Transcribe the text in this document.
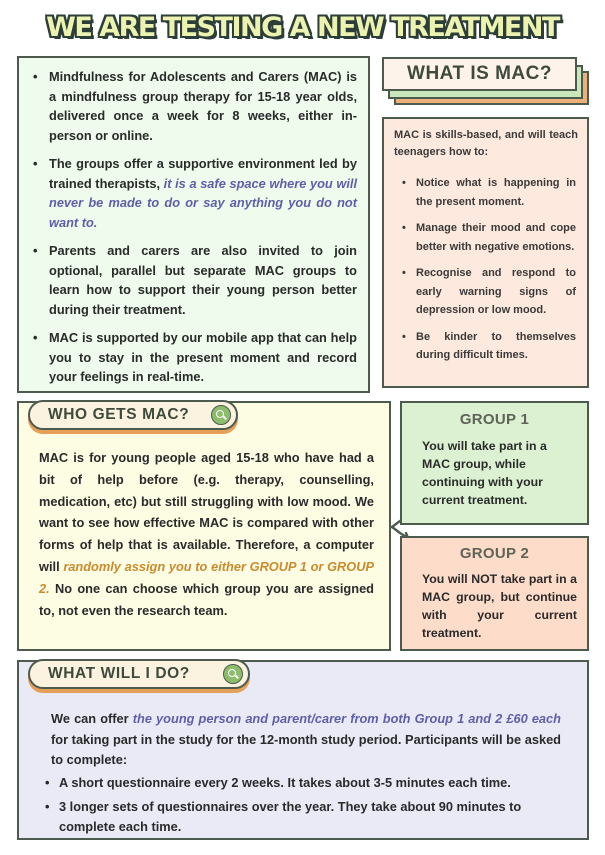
WE ARE TESTING A NEW TREATMENT
• Mindfulness for Adolescents and Carers (MAC) is a mindfulness group therapy for 15-18 year olds, delivered once a week for 8 weeks, either in-person or online.
• The groups offer a supportive environment led by trained therapists, it is a safe space where you will never be made to do or say anything you do not want to.
• Parents and carers are also invited to join optional, parallel but separate MAC groups to learn how to support their young person better during their treatment.
• MAC is supported by our mobile app that can help you to stay in the present moment and record your feelings in real-time.
WHAT IS MAC?
MAC is skills-based, and will teach teenagers how to:
• Notice what is happening in the present moment.
• Manage their mood and cope better with negative emotions.
• Recognise and respond to early warning signs of depression or low mood.
• Be kinder to themselves during difficult times.
MAC is for young people aged 15-18 who have had a bit of help before (e.g. therapy, counselling, medication, etc) but still struggling with low mood. We want to see how effective MAC is compared with other forms of help that is available. Therefore, a computer will randomly assign you to either GROUP 1 or GROUP 2. No one can choose which group you are assigned to, not even the research team.
WHO GETS MAC?	GROUP 1
You will take part in a MAC group, while continuing with your current treatment.
GROUP 2
You will NOT take part in a MAC group, but continue with your current treatment.
We can offer the young person and parent/carer from both Group 1 and 2 £60 each for taking part in the study for the 12-month study period. Participants will be asked to complete:
• A short questionnaire every 2 weeks. It takes about 3-5 minutes each time.
• 3 longer sets of questionnaires over the year. They take about 90 minutes to complete each time.
WHAT WILL I DO?
